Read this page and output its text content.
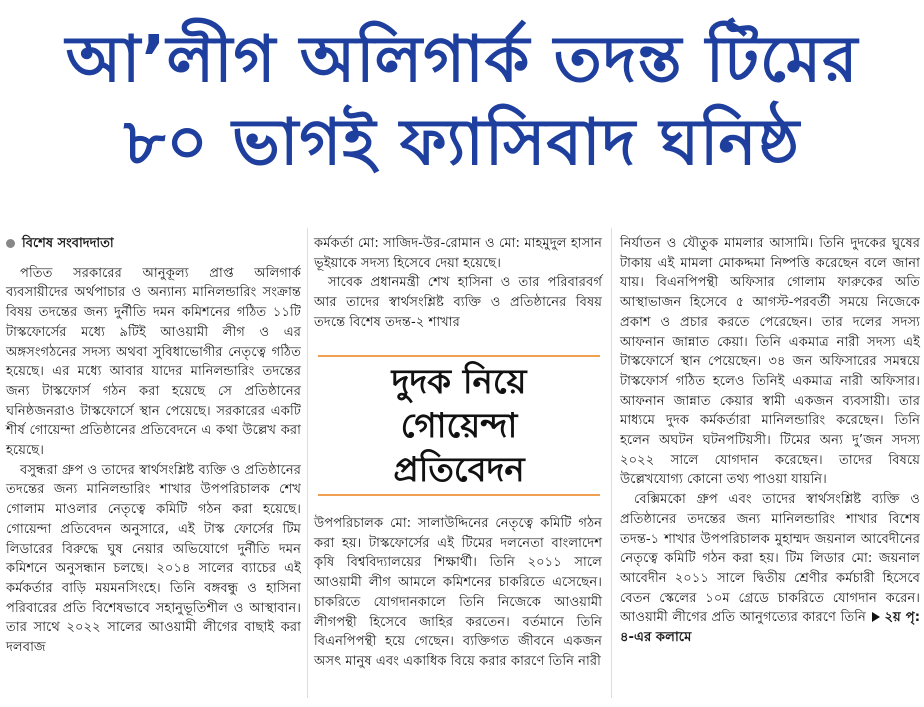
আ’লীগ অলিগার্ক তদন্ত টিমের
৮০ ভাগই ফ্যাসিবাদ ঘনিষ্ঠ
বিশেষ সংবাদদাতা

পতিত সরকারের আনুকূল্য প্রাপ্ত অলিগার্ক ব্যবসায়ীদের অর্থপাচার ও অন্যান্য মানিলন্ডারিং সংক্রান্ত বিষয় তদন্তের জন্য দুর্নীতি দমন কমিশনের গঠিত ১১টি টাস্কফোর্সের মধ্যে ৯টিই আওয়ামী লীগ ও এর অঙ্গসংগঠনের সদস্য অথবা সুবিধাভোগীর নেতৃত্বে গঠিত হয়েছে। এর মধ্যে আবার যাদের মানিলন্ডারিং তদন্তের জন্য টাস্কফোর্স গঠন করা হয়েছে সে প্রতিষ্ঠানের ঘনিষ্ঠজনরাও টাস্কফোর্সে স্থান পেয়েছে। সরকারের একটি শীর্ষ গোয়েন্দা প্রতিষ্ঠানের প্রতিবেদনে এ কথা উল্লেখ করা হয়েছে।

বসুন্ধরা গ্রুপ ও তাদের স্বার্থসংশ্লিষ্ট ব্যক্তি ও প্রতিষ্ঠানের তদন্তের জন্য মানিলন্ডারিং শাখার উপপরিচালক শেখ গোলাম মাওলার নেতৃত্বে কমিটি গঠন করা হয়েছে। গোয়েন্দা প্রতিবেদন অনুসারে, এই টাস্ক ফোর্সের টিম লিডারের বিরুদ্ধে ঘুষ নেয়ার অভিযোগে দুর্নীতি দমন কমিশনে অনুসন্ধান চলছে। ২০১৪ সালের ব্যাচের এই কর্মকর্তার বাড়ি ময়মনসিংহে। তিনি বঙ্গবন্ধু ও হাসিনা পরিবারের প্রতি বিশেষভাবে সহানুভূতিশীল ও আস্থাবান। তার সাথে ২০২২ সালের আওয়ামী লীগের বাছাই করা দলবাজ

কর্মকর্তা মো: সাজিদ-উর-রোমান ও মো: মাহমুদুল হাসান ভূইয়াকে সদস্য হিসেবে দেয়া হয়েছে।

সাবেক প্রধানমন্ত্রী শেখ হাসিনা ও তার পরিবারবর্গ আর তাদের স্বার্থসংশ্লিষ্ট ব্যক্তি ও প্রতিষ্ঠানের বিষয় তদন্তে বিশেষ তদন্ত-২ শাখার

দুদক নিয়ে
গোয়েন্দা
প্রতিবেদন

উপপরিচালক মো: সালাউদ্দিনের নেতৃত্বে কমিটি গঠন করা হয়। টাস্কফোর্সের এই টিমের দলনেতা বাংলাদেশ কৃষি বিশ্ববিদ্যালয়ের শিক্ষার্থী। তিনি ২০১১ সালে আওয়ামী লীগ আমলে কমিশনের চাকরিতে এসেছেন। চাকরিতে যোগদানকালে তিনি নিজেকে আওয়ামী লীগপন্থী হিসেবে জাহির করতেন। বর্তমানে তিনি বিএনপিপন্থী হয়ে গেছেন। ব্যক্তিগত জীবনে একজন অসৎ মানুষ এবং একাধিক বিয়ে করার কারণে তিনি নারী

নির্যাতন ও যৌতুক মামলার আসামি। তিনি দুদকের ঘুষের টাকায় এই মামলা মোকদ্দমা নিষ্পত্তি করেছেন বলে জানা যায়। বিএনপিপন্থী অফিসার গোলাম ফারুকের অতি আস্থাভাজন হিসেবে ৫ আগস্ট-পরবর্তী সময়ে নিজেকে প্রকাশ ও প্রচার করতে পেরেছেন। তার দলের সদস্য আফনান জান্নাত কেয়া। তিনি একমাত্র নারী সদস্য এই টাস্কফোর্সে স্থান পেয়েছেন। ৩৪ জন অফিসারের সমন্বয়ে টাস্কফোর্স গঠিত হলেও তিনিই একমাত্র নারী অফিসার। আফনান জান্নাত কেয়ার স্বামী একজন ব্যবসায়ী। তার মাধ্যমে দুদক কর্মকর্তারা মানিলন্ডারিং করেছেন। তিনি হলেন অঘটন ঘটনপটিয়সী। টিমের অন্য দু’জন সদস্য ২০২২ সালে যোগদান করেছেন। তাদের বিষয়ে উল্লেখযোগ্য কোনো তথ্য পাওয়া যায়নি।

বেক্সিমকো গ্রুপ এবং তাদের স্বার্থসংশ্লিষ্ট ব্যক্তি ও প্রতিষ্ঠানের তদন্তের জন্য মানিলন্ডারিং শাখার বিশেষ তদন্ত-১ শাখার উপপরিচালক মুহাম্মদ জয়নাল আবেদীনের নেতৃত্বে কমিটি গঠন করা হয়। টিম লিডার মো: জয়নাল আবেদীন ২০১১ সালে দ্বিতীয় শ্রেণীর কর্মচারী হিসেবে বেতন স্কেলের ১০ম গ্রেডে চাকরিতে যোগদান করেন। আওয়ামী লীগের প্রতি আনুগত্যের কারণে তিনি ২য় পৃ: ৪-এর কলামে
